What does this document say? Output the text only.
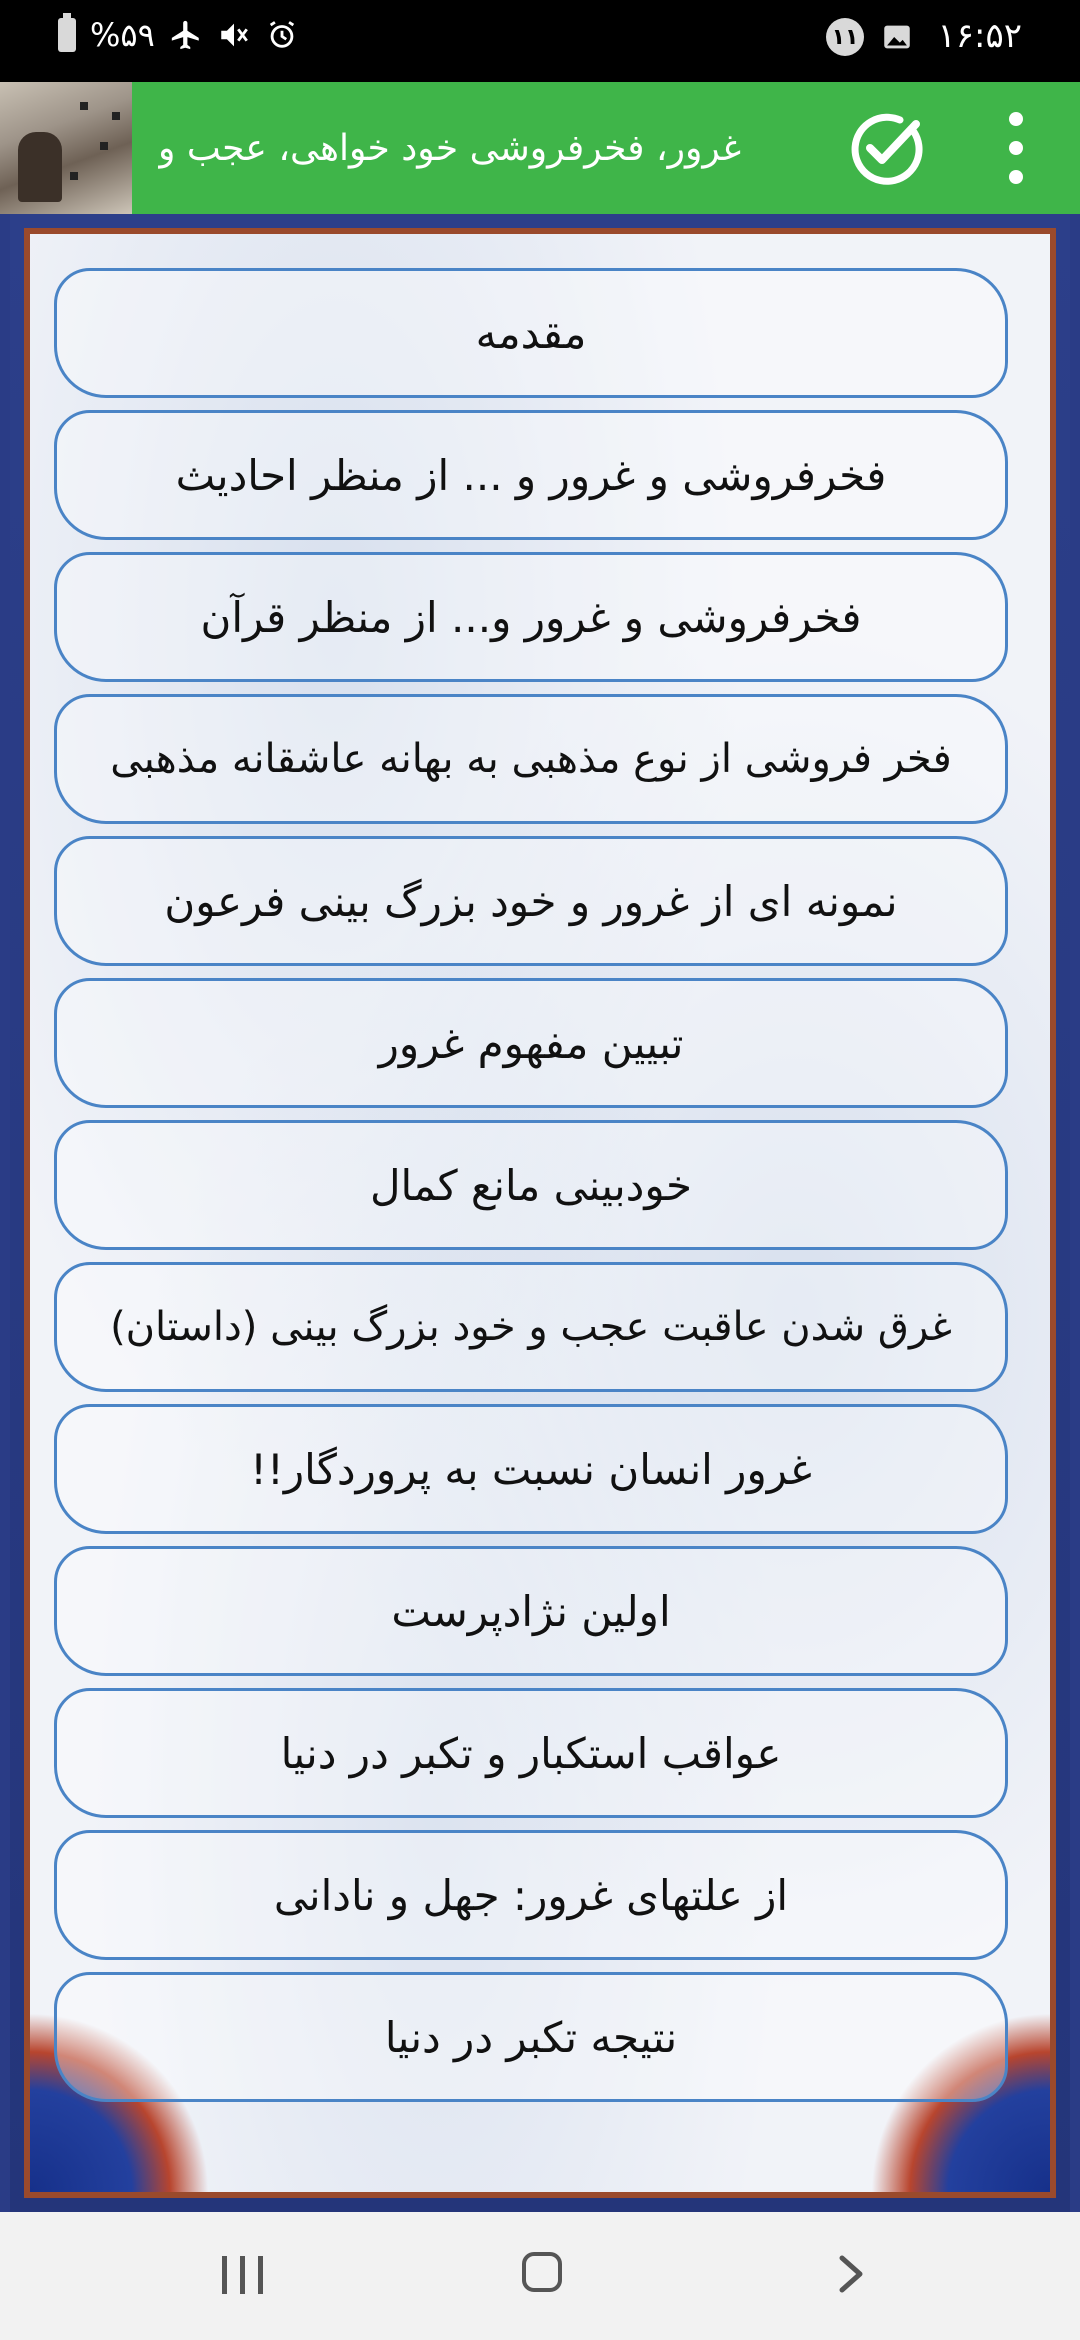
%۵۹	۱۱ ۱۶:۵۲
غرور، فخرفروشی خود خواهی، عجب و
مقدمه
فخرفروشی و غرور و ... از منظر احادیث
فخرفروشی و غرور و... از منظر قرآن
فخر فروشی از نوع مذهبی به بهانه عاشقانه مذهبی
نمونه ای از غرور و خود بزرگ بینی فرعون
تبیین مفهوم غرور
خودبینی مانع کمال
غرق شدن عاقبت عجب و خود بزرگ بینی (داستان)
غرور انسان نسبت به پروردگار!!
اولین نژادپرست
عواقب استکبار و تکبر در دنیا
از علتهای غرور: جهل و نادانی
نتیجه تکبر در دنیا
